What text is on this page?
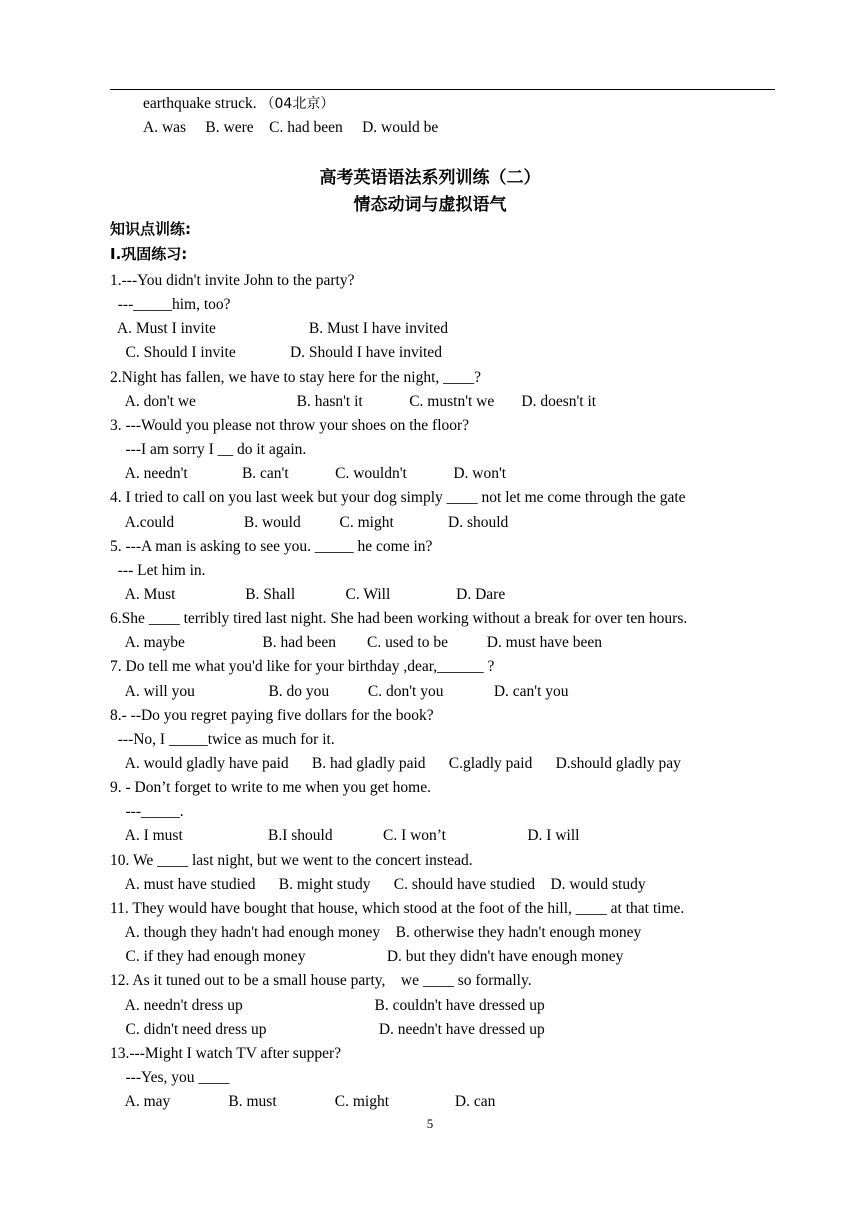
earthquake struck. （04北京）
A. was     B. were    C. had been     D. would be
高考英语语法系列训练（二）
情态动词与虚拟语气
知识点训练:
I.巩固练习:
1.---You didn't invite John to the party?
---_____him, too?
A. Must I invite                        B. Must I have invited
C. Should I invite              D. Should I have invited
2.Night has fallen, we have to stay here for the night, ____?
A. don't we                          B. hasn't it            C. mustn't we       D. doesn't it
3. ---Would you please not throw your shoes on the floor?
---I am sorry I __ do it again.
A. needn't              B. can't            C. wouldn't            D. won't
4. I tried to call on you last week but your dog simply ____ not let me come through the gate
A.could                  B. would          C. might              D. should
5. ---A man is asking to see you. _____ he come in?
--- Let him in.
A. Must                  B. Shall             C. Will                 D. Dare
6.She ____ terribly tired last night. She had been working without a break for over ten hours.
A. maybe                    B. had been        C. used to be          D. must have been
7. Do tell me what you'd like for your birthday ,dear,______ ?
A. will you                   B. do you          C. don't you             D. can't you
8.- --Do you regret paying five dollars for the book?
---No, I _____twice as much for it.
A. would gladly have paid      B. had gladly paid      C.gladly paid      D.should gladly pay
9. - Don’t forget to write to me when you get home.
---_____.
A. I must                      B.I should             C. I won’t                     D. I will
10. We ____ last night, but we went to the concert instead.
A. must have studied      B. might study      C. should have studied    D. would study
11. They would have bought that house, which stood at the foot of the hill, ____ at that time.
A. though they hadn't had enough money    B. otherwise they hadn't enough money
C. if they had enough money                     D. but they didn't have enough money
12. As it tuned out to be a small house party,    we ____ so formally.
A. needn't dress up                                  B. couldn't have dressed up
C. didn't need dress up                             D. needn't have dressed up
13.---Might I watch TV after supper?
---Yes, you ____
A. may               B. must               C. might                 D. can
5
